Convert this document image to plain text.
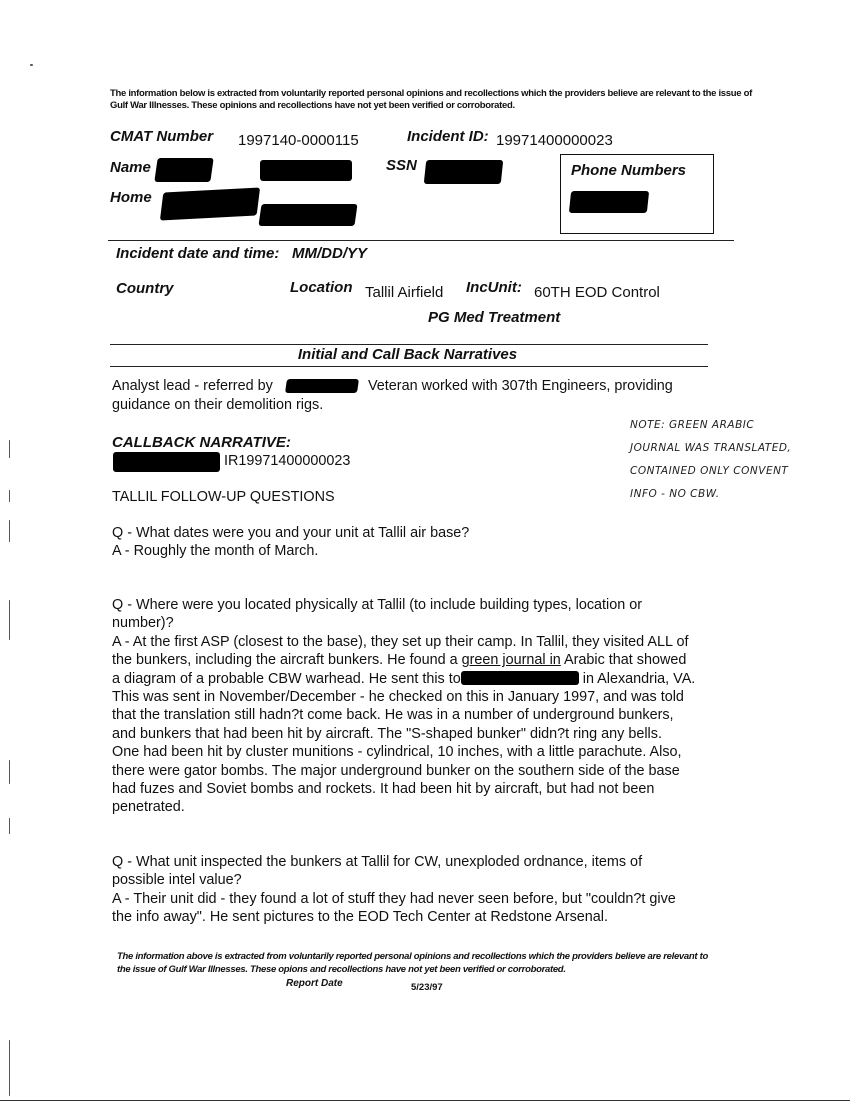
The information below is extracted from voluntarily reported personal opinions and recollections which the providers believe are relevant to the issue of Gulf War Illnesses. These opinions and recollections have not yet been verified or corroborated.
CMAT Number 1997140-0000115	Incident ID: 19971400000023
Name	SSN	Phone Numbers
Home
Incident date and time: MM/DD/YY
Country	Location Tallil Airfield IncUnit: 60TH EOD Control
PG Med Treatment
Initial and Call Back Narratives
Analyst lead - referred by	Veteran worked with 307th Engineers, providing
guidance on their demolition rigs.
CALLBACK NARRATIVE:
IR19971400000023
TALLIL FOLLOW-UP QUESTIONS
NOTE: GREEN ARABIC
JOURNAL WAS TRANSLATED,
CONTAINED ONLY CONVENT
INFO - NO CBW.
Q - What dates were you and your unit at Tallil air base?
A - Roughly the month of March.
Q - Where were you located physically at Tallil (to include building types, location or
number)?
A - At the first ASP (closest to the base), they set up their camp. In Tallil, they visited ALL of
the bunkers, including the aircraft bunkers. He found a green journal in Arabic that showed
a diagram of a probable CBW warhead. He sent this to	in Alexandria, VA.
This was sent in November/December - he checked on this in January 1997, and was told
that the translation still hadn?t come back. He was in a number of underground bunkers,
and bunkers that had been hit by aircraft. The "S-shaped bunker" didn?t ring any bells.
One had been hit by cluster munitions - cylindrical, 10 inches, with a little parachute. Also,
there were gator bombs. The major underground bunker on the southern side of the base
had fuzes and Soviet bombs and rockets. It had been hit by aircraft, but had not been
penetrated.
Q - What unit inspected the bunkers at Tallil for CW, unexploded ordnance, items of
possible intel value?
A - Their unit did - they found a lot of stuff they had never seen before, but "couldn?t give
the info away". He sent pictures to the EOD Tech Center at Redstone Arsenal.
The information above is extracted from voluntarily reported personal opinions and recollections which the providers believe are relevant to the issue of Gulf War Illnesses. These opions and recollections have not yet been verified or corroborated.
Report Date	5/23/97
